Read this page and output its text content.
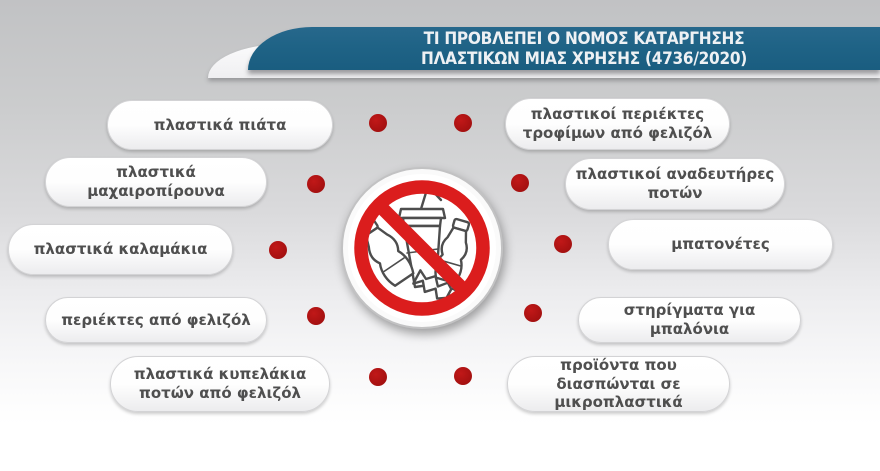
ΤΙ ΠΡΟΒΛΕΠΕΙ Ο ΝΟΜΟΣ ΚΑΤΑΡΓΗΣΗΣ
ΠΛΑΣΤΙΚΩΝ ΜΙΑΣ ΧΡΗΣΗΣ (4736/2020)
πλαστικά πιάτα
πλαστικά μαχαιροπίρουνα
πλαστικά καλαμάκια
περιέκτες από φελιζόλ
πλαστικά κυπελάκια ποτών από φελιζόλ
πλαστικοί περιέκτες τροφίμων από φελιζόλ
πλαστικοί αναδευτήρες ποτών
μπατονέτες
στηρίγματα για μπαλόνια
προϊόντα που διασπώνται σε μικροπλαστικά
